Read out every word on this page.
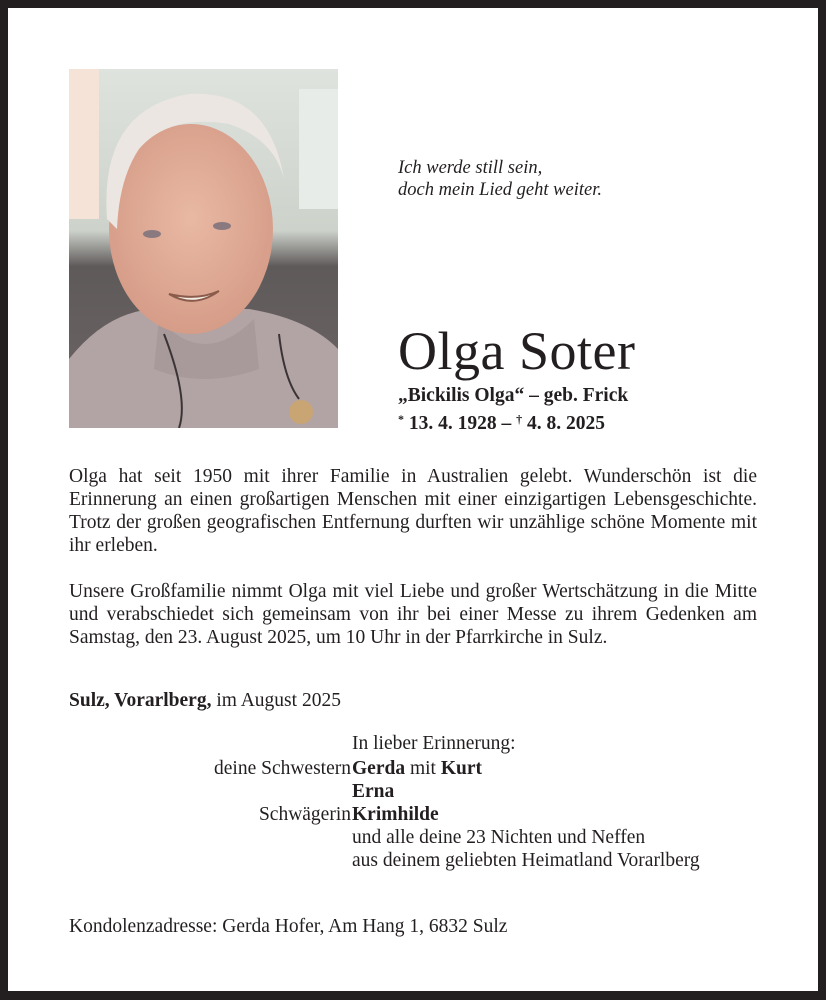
Ich werde still sein,
doch mein Lied geht weiter.
Olga Soter
„Bickilis Olga“ – geb. Frick
* 13. 4. 1928 – † 4. 8. 2025
Olga hat seit 1950 mit ihrer Familie in Australien gelebt. Wunderschön ist die Erinnerung an einen großartigen Menschen mit einer einzigartigen Lebensgeschichte. Trotz der großen geografischen Entfernung durften wir unzählige schöne Momente mit ihr erleben.
Unsere Großfamilie nimmt Olga mit viel Liebe und großer Wertschätzung in die Mitte und verabschiedet sich gemeinsam von ihr bei einer Messe zu ihrem Gedenken am Samstag, den 23. August 2025, um 10 Uhr in der Pfarrkirche in Sulz.
Sulz, Vorarlberg, im August 2025
In lieber Erinnerung:
deine Schwestern Gerda mit Kurt
Erna
Schwägerin Krimhilde
und alle deine 23 Nichten und Neffen
aus deinem geliebten Heimatland Vorarlberg
Kondolenzadresse: Gerda Hofer, Am Hang 1, 6832 Sulz
